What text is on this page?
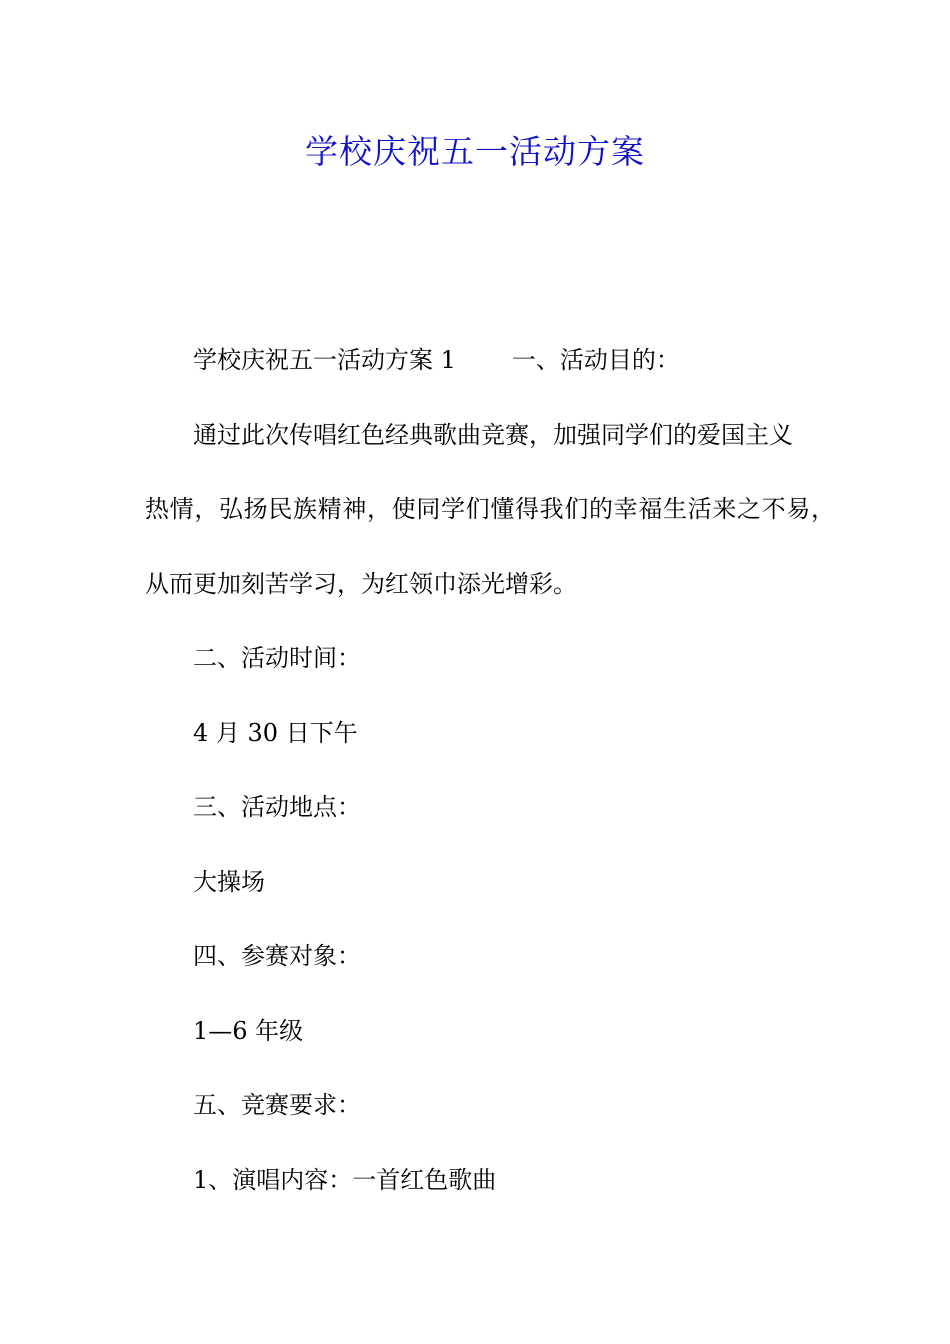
学校庆祝五一活动方案

学校庆祝五一活动方案 1 一、活动目的：

通过此次传唱红色经典歌曲竞赛，加强同学们的爱国主义

热情，弘扬民族精神，使同学们懂得我们的幸福生活来之不易，

从而更加刻苦学习，为红领巾添光增彩。

二、活动时间：

4 月 30 日下午

三、活动地点：

大操场

四、参赛对象：

1—6 年级

五、竞赛要求：

1、演唱内容：一首红色歌曲
